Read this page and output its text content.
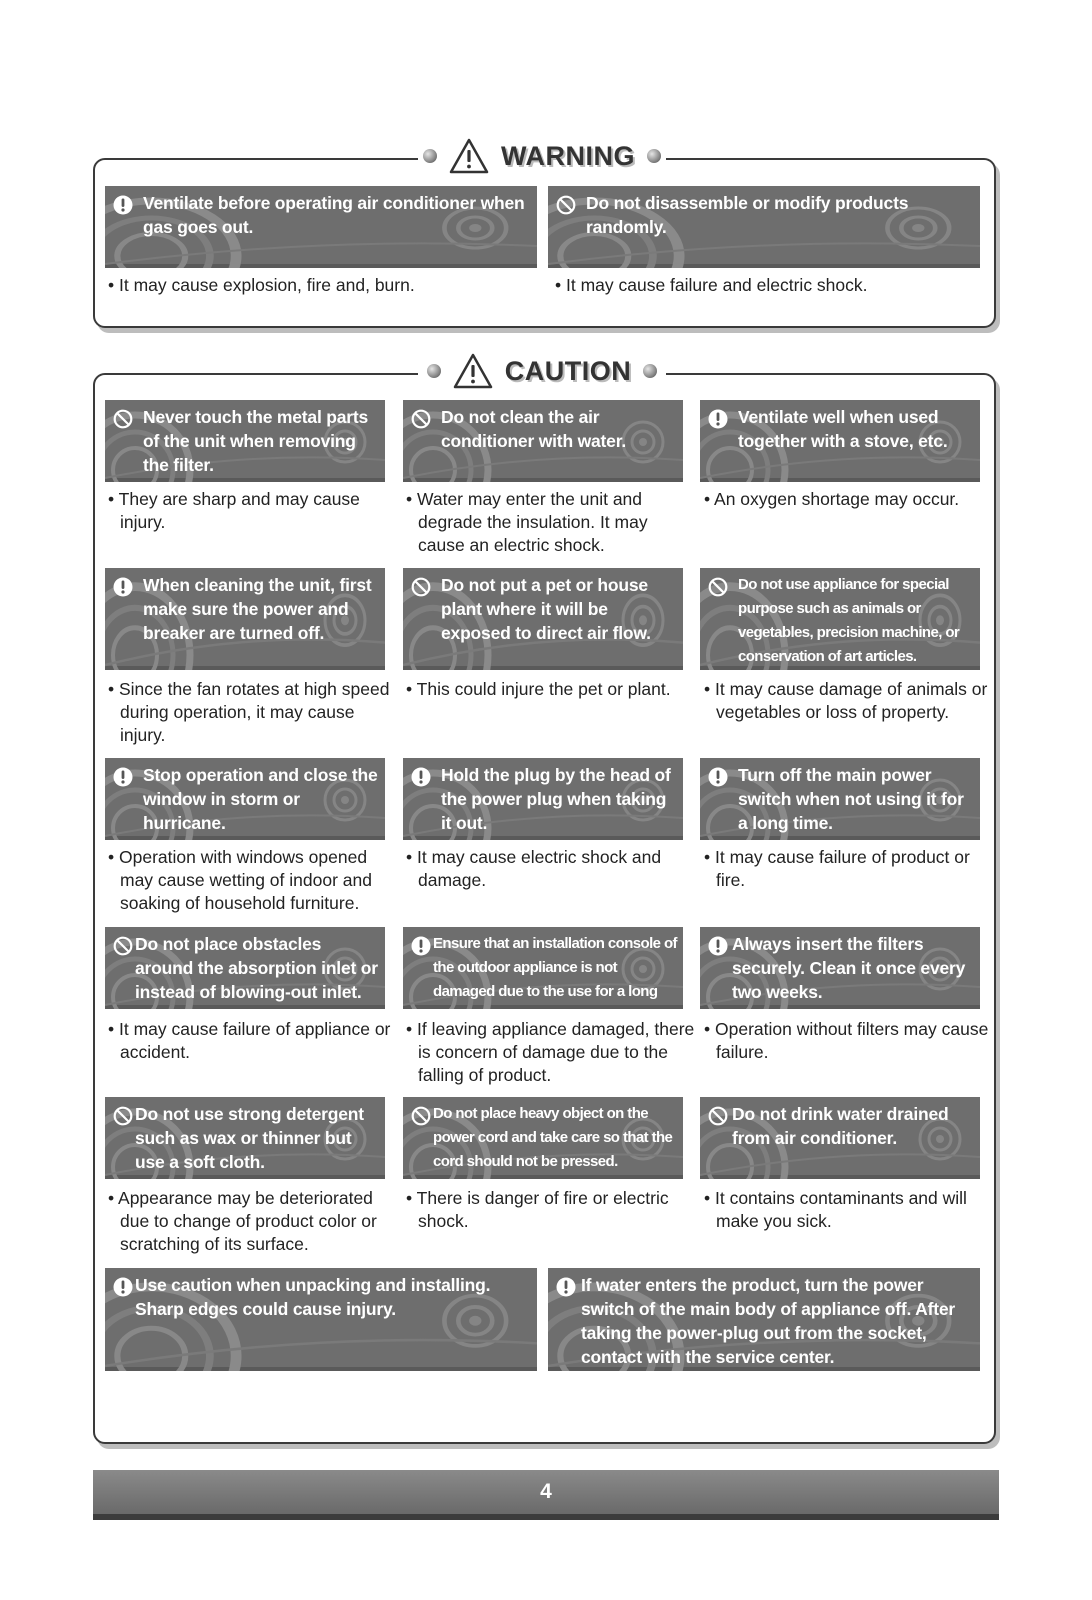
WARNING
Ventilate before operating air conditioner when gas goes out.
• It may cause explosion, fire and, burn.
Do not disassemble or modify products randomly.
• It may cause failure and electric shock.
CAUTION
Never touch the metal parts of the unit when removing the filter.
• They are sharp and may cause injury.
Do not clean the air conditioner with water.
• Water may enter the unit and degrade the insulation. It may cause an electric shock.
Ventilate well when used together with a stove, etc.
• An oxygen shortage may occur.
When cleaning the unit, first make sure the power and breaker are turned off.
• Since the fan rotates at high speed during operation, it may cause injury.
Do not put a pet or house plant where it will be exposed to direct air flow.
• This could injure the pet or plant.
Do not use appliance for special purpose such as animals or vegetables, precision machine, or conservation of art articles.
• It may cause damage of animals or vegetables or loss of property.
Stop operation and close the window in storm or hurricane.
• Operation with windows opened may cause wetting of indoor and soaking of household furniture.
Hold the plug by the head of the power plug when taking it out.
• It may cause electric shock and damage.
Turn off the main power switch when not using it for a long time.
• It may cause failure of product or fire.
Do not place obstacles around the absorption inlet or instead of blowing-out inlet.
• It may cause failure of appliance or accident.
Ensure that an installation console of the outdoor appliance is not damaged due to the use for a long time.
• If leaving appliance damaged, there is concern of damage due to the falling of product.
Always insert the filters securely. Clean it once every two weeks.
• Operation without filters may cause failure.
Do not use strong detergent such as wax or thinner but use a soft cloth.
• Appearance may be deteriorated due to change of product color or scratching of its surface.
Do not place heavy object on the power cord and take care so that the cord should not be pressed.
• There is danger of fire or electric shock.
Do not drink water drained from air conditioner.
• It contains contaminants and will make you sick.
Use caution when unpacking and installing. Sharp edges could cause injury.
If water enters the product, turn the power switch of the main body of appliance off. After taking the power-plug out from the socket, contact with the service center.
4
